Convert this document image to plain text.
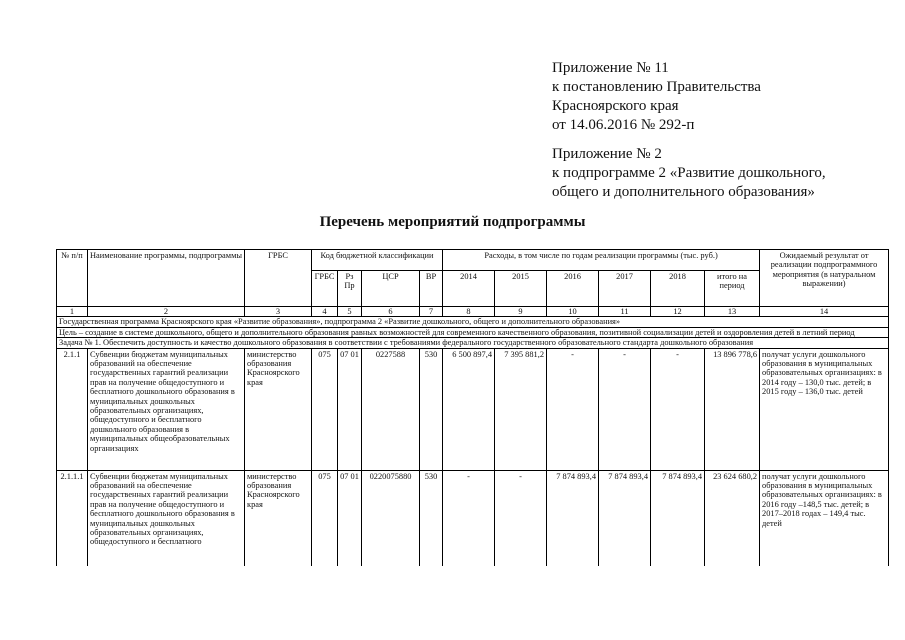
Приложение № 11
к постановлению Правительства
Красноярского края
от 14.06.2016 № 292-п
Приложение № 2
к подпрограмме 2 «Развитие дошкольного,
общего и дополнительного образования»
Перечень мероприятий подпрограммы
№ п/п	Наименование программы, подпрограммы	ГРБС	Код бюджетной классификации				Расходы, в том числе по годам реализации программы (тыс. руб.)						Ожидаемый результат от реализации подпрограммного мероприятия (в натуральном выражении)
			ГРБС	Рз Пр	ЦСР	ВР	2014	2015	2016	2017	2018	итого на период	
1	2	3	4	5	6	7	8	9	10	11	12	13	14
Государственная программа Красноярского края «Развитие образования», подпрограмма 2 «Развитие дошкольного, общего и дополнительного образования»													
Цель – создание в системе дошкольного, общего и дополнительного образования равных возможностей для современного качественного образования, позитивной социализации детей и оздоровления детей в летний период													
Задача № 1. Обеспечить доступность и качество дошкольного образования в соответствии с требованиями федерального государственного образовательного стандарта дошкольного образования													
2.1.1	Субвенции бюджетам муниципальных образований на обеспечение государственных гарантий реализации прав на получение общедоступного и бесплатного дошкольного образования в муниципальных дошкольных образовательных организациях, общедоступного и бесплатного дошкольного образования в муниципальных общеобразовательных организациях	министерство образования Красноярского края	075	07 01	0227588	530	6 500 897,4	7 395 881,2	-	-	-	13 896 778,6	получат услуги дошкольного образования в муниципальных образовательных организациях: в 2014 году – 130,0 тыс. детей; в 2015 году – 136,0 тыс. детей
2.1.1.1	Субвенции бюджетам муниципальных образований на обеспечение государственных гарантий реализации прав на получение общедоступного и бесплатного дошкольного образования в муниципальных дошкольных образовательных организациях, общедоступного и бесплатного	министерство образования Красноярского края	075	07 01	0220075880	530	-	-	7 874 893,4	7 874 893,4	7 874 893,4	23 624 680,2	получат услуги дошкольного образования в муниципальных образовательных организациях: в 2016 году –148,5 тыс. детей; в 2017–2018 годах – 149,4 тыс. детей
